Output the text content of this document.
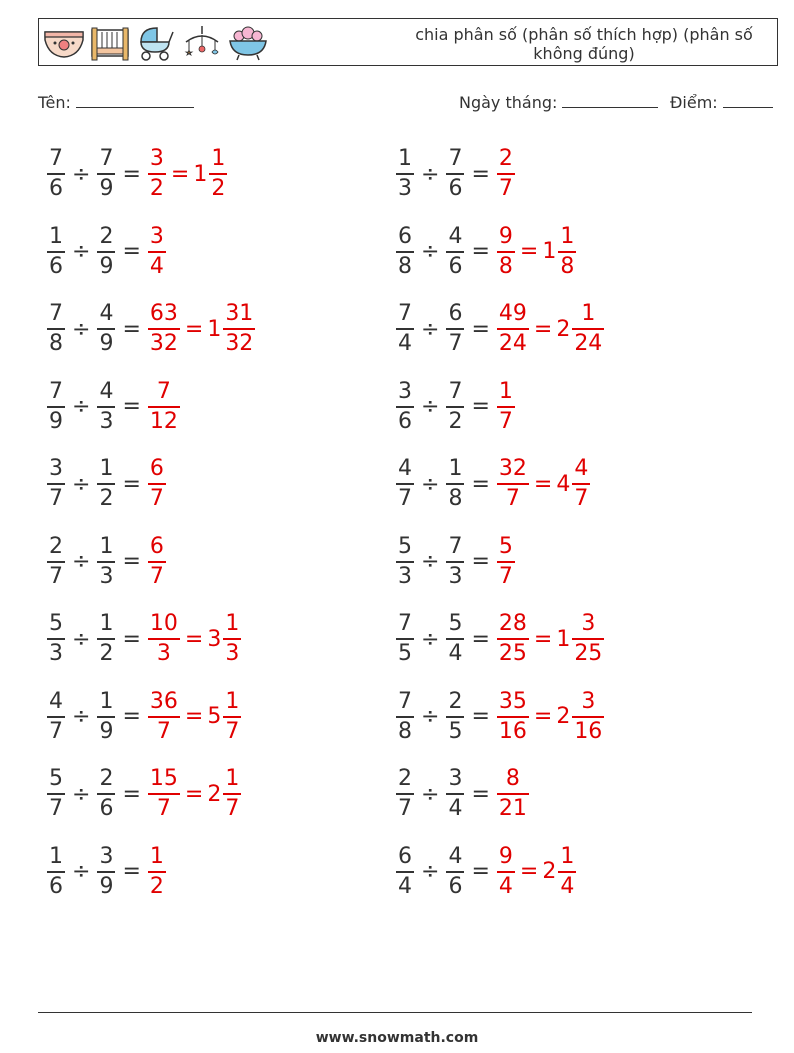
chia phân số (phân số thích hợp) (phân số không đúng)
Tên:	Ngày tháng:	Điểm:
$\frac{7}{6} \div \frac{7}{9} = \frac{3}{2} = 1 \frac{1}{2}$	$\frac{1}{3} \div \frac{7}{6} = \frac{2}{7}$
$\frac{1}{6} \div \frac{2}{9} = \frac{3}{4}$	$\frac{6}{8} \div \frac{4}{6} = \frac{9}{8} = 1 \frac{1}{8}$
$\frac{7}{8} \div \frac{4}{9} = \frac{63}{32} = 1 \frac{31}{32}$	$\frac{7}{4} \div \frac{6}{7} = \frac{49}{24} = 2 \frac{1}{24}$
$\frac{7}{9} \div \frac{4}{3} = \frac{7}{12}$	$\frac{3}{6} \div \frac{7}{2} = \frac{1}{7}$
$\frac{3}{7} \div \frac{1}{2} = \frac{6}{7}$	$\frac{4}{7} \div \frac{1}{8} = \frac{32}{7} = 4 \frac{4}{7}$
$\frac{2}{7} \div \frac{1}{3} = \frac{6}{7}$	$\frac{5}{3} \div \frac{7}{3} = \frac{5}{7}$
$\frac{5}{3} \div \frac{1}{2} = \frac{10}{3} = 3 \frac{1}{3}$	$\frac{7}{5} \div \frac{5}{4} = \frac{28}{25} = 1 \frac{3}{25}$
$\frac{4}{7} \div \frac{1}{9} = \frac{36}{7} = 5 \frac{1}{7}$	$\frac{7}{8} \div \frac{2}{5} = \frac{35}{16} = 2 \frac{3}{16}$
$\frac{5}{7} \div \frac{2}{6} = \frac{15}{7} = 2 \frac{1}{7}$	$\frac{2}{7} \div \frac{3}{4} = \frac{8}{21}$
$\frac{1}{6} \div \frac{3}{9} = \frac{1}{2}$	$\frac{6}{4} \div \frac{4}{6} = \frac{9}{4} = 2 \frac{1}{4}$
www.snowmath.com
